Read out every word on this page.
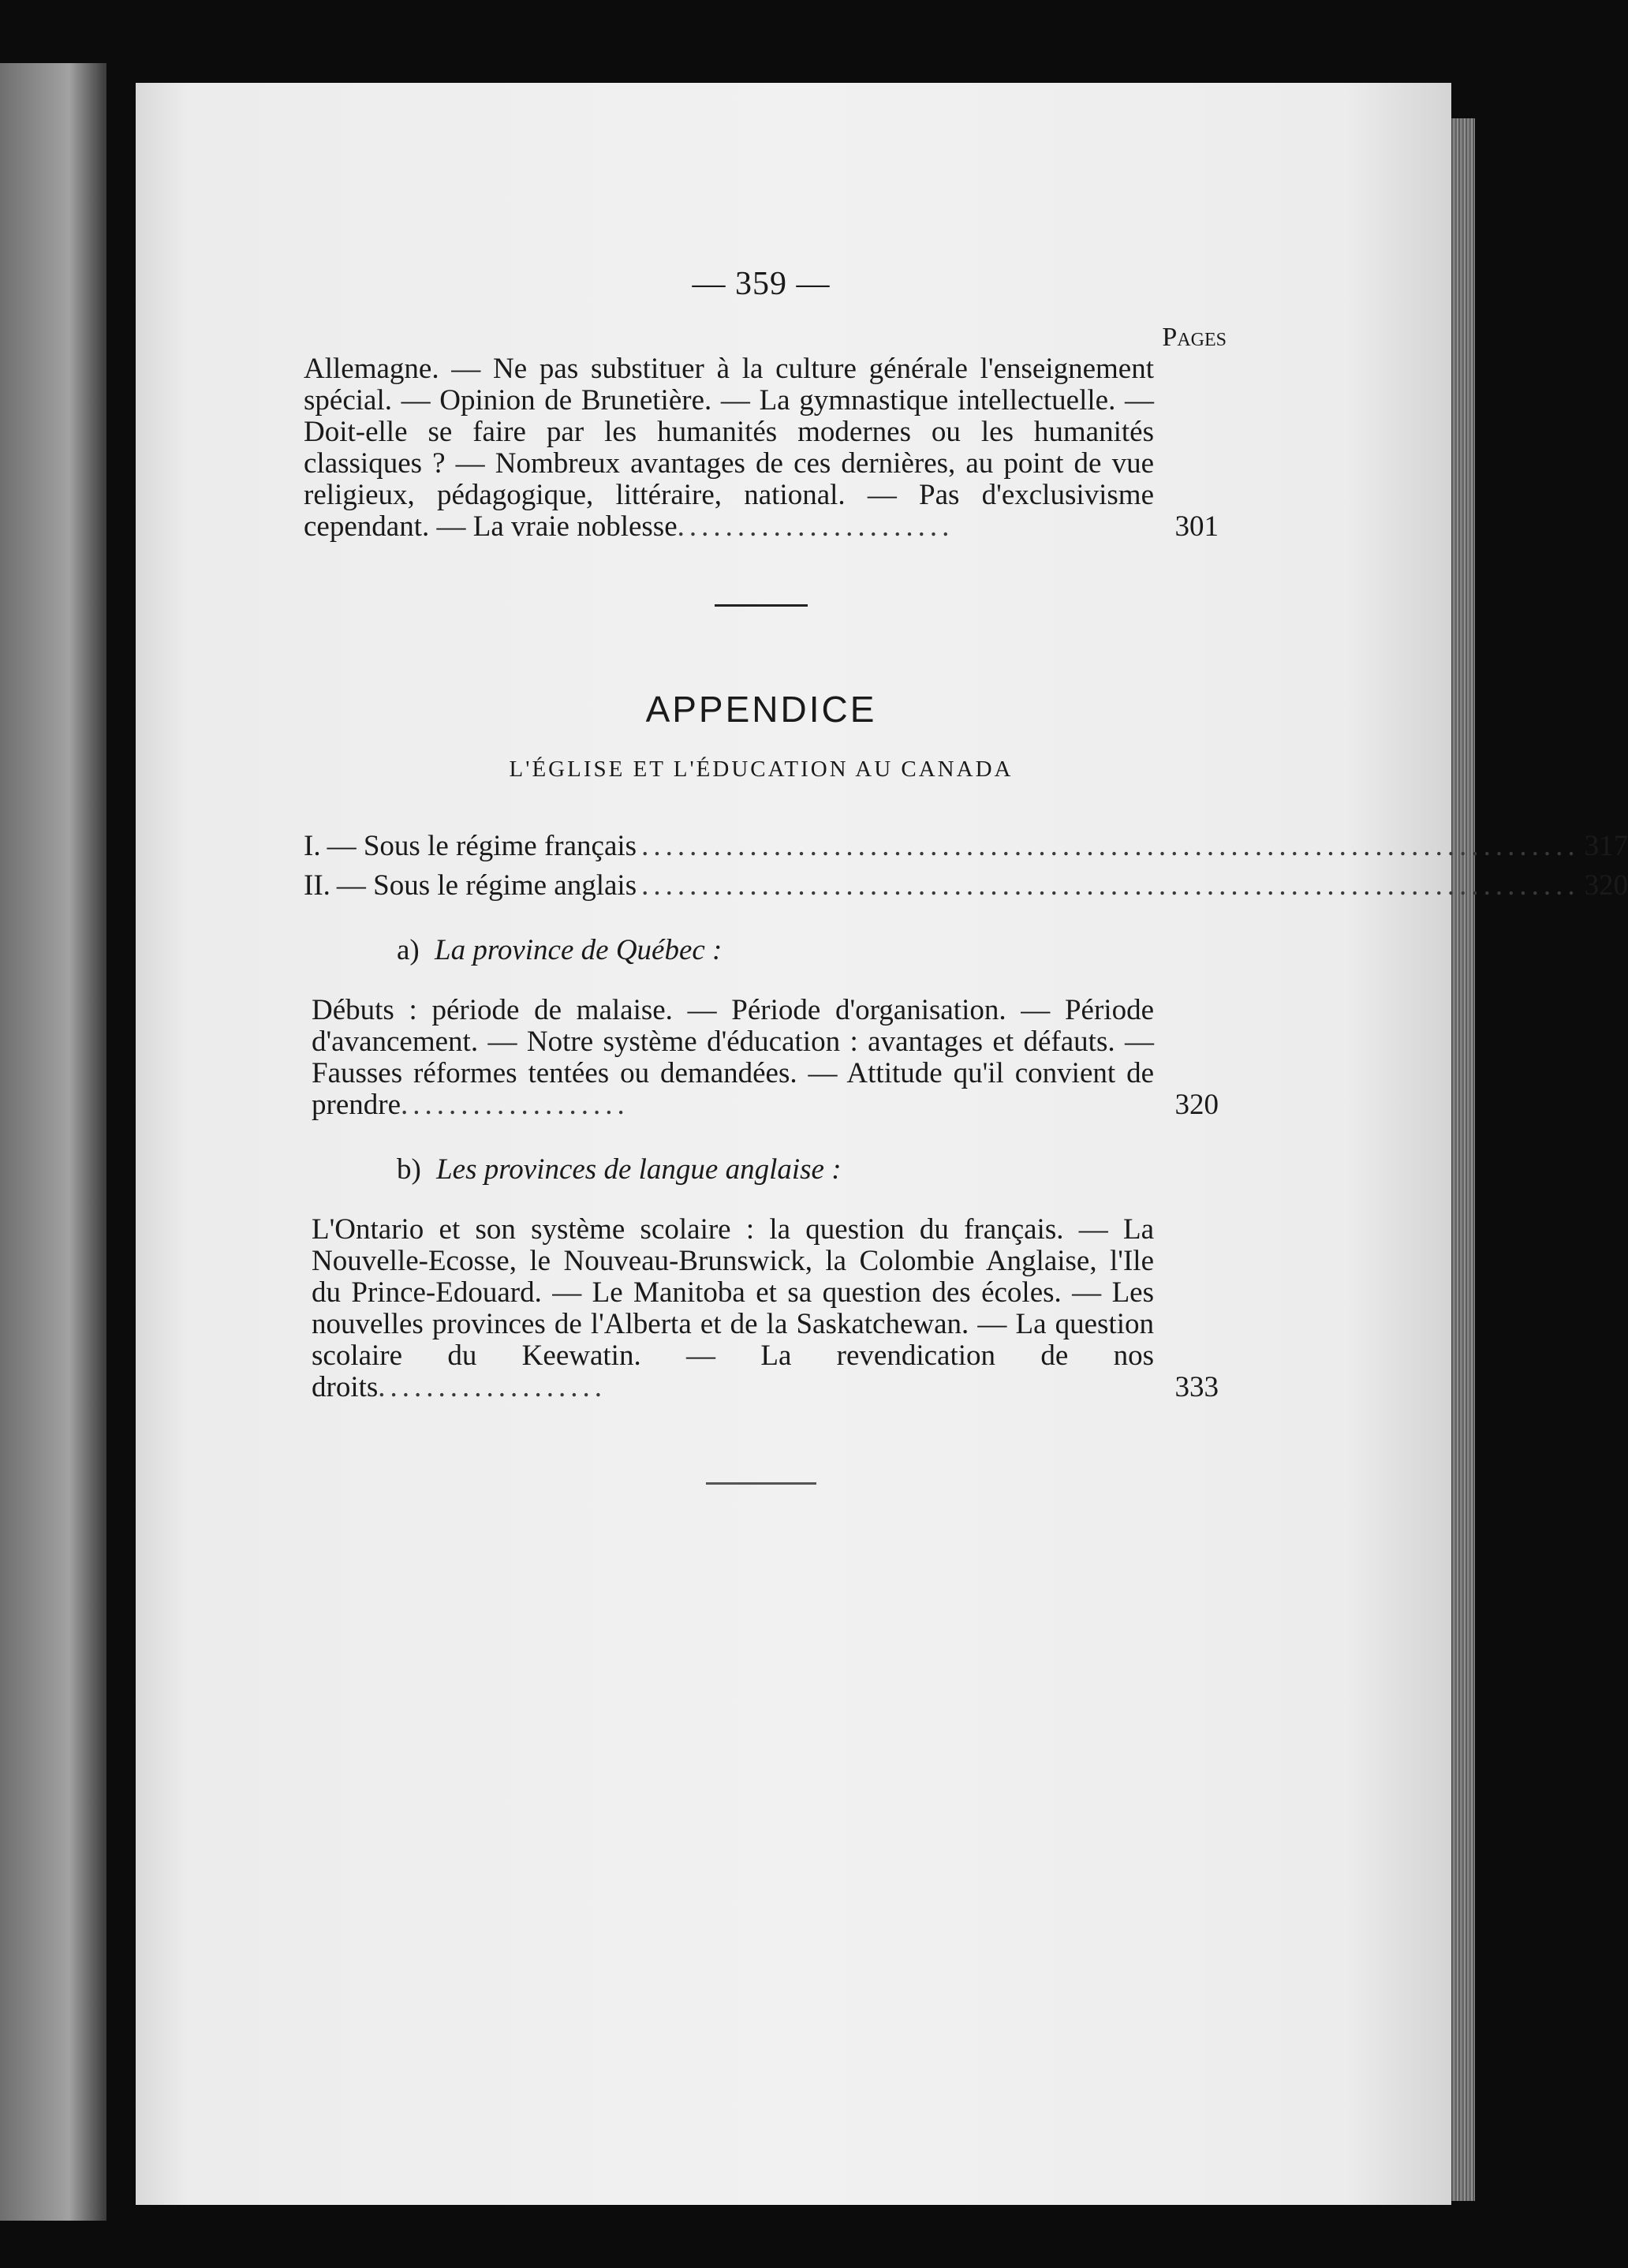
— 359 —
Pages
Allemagne. — Ne pas substituer à la culture générale l'enseignement spécial. — Opinion de Brunetière. — La gymnastique intellectuelle. — Doit-elle se faire par les humanités modernes ou les humanités classiques ? — Nombreux avantages de ces dernières, au point de vue religieux, pédagogique, littéraire, national. — Pas d'exclusivisme cependant. — La vraie noblesse.......................	301
APPENDICE
L'ÉGLISE ET L'ÉDUCATION AU CANADA
I. — Sous le régime français .............................................................................. 317
II. — Sous le régime anglais .............................................................................. 320
a) La province de Québec :
Débuts : période de malaise. — Période d'organisation. — Période d'avancement. — Notre système d'éducation : avantages et défauts. — Fausses réformes tentées ou demandées. — Attitude qu'il convient de prendre...................	320
b) Les provinces de langue anglaise :
L'Ontario et son système scolaire : la question du français. — La Nouvelle-Ecosse, le Nouveau-Brunswick, la Colombie Anglaise, l'Ile du Prince-Edouard. — Le Manitoba et sa question des écoles. — Les nouvelles provinces de l'Alberta et de la Saskatchewan. — La question scolaire du Keewatin. — La revendication de nos droits...................	333
